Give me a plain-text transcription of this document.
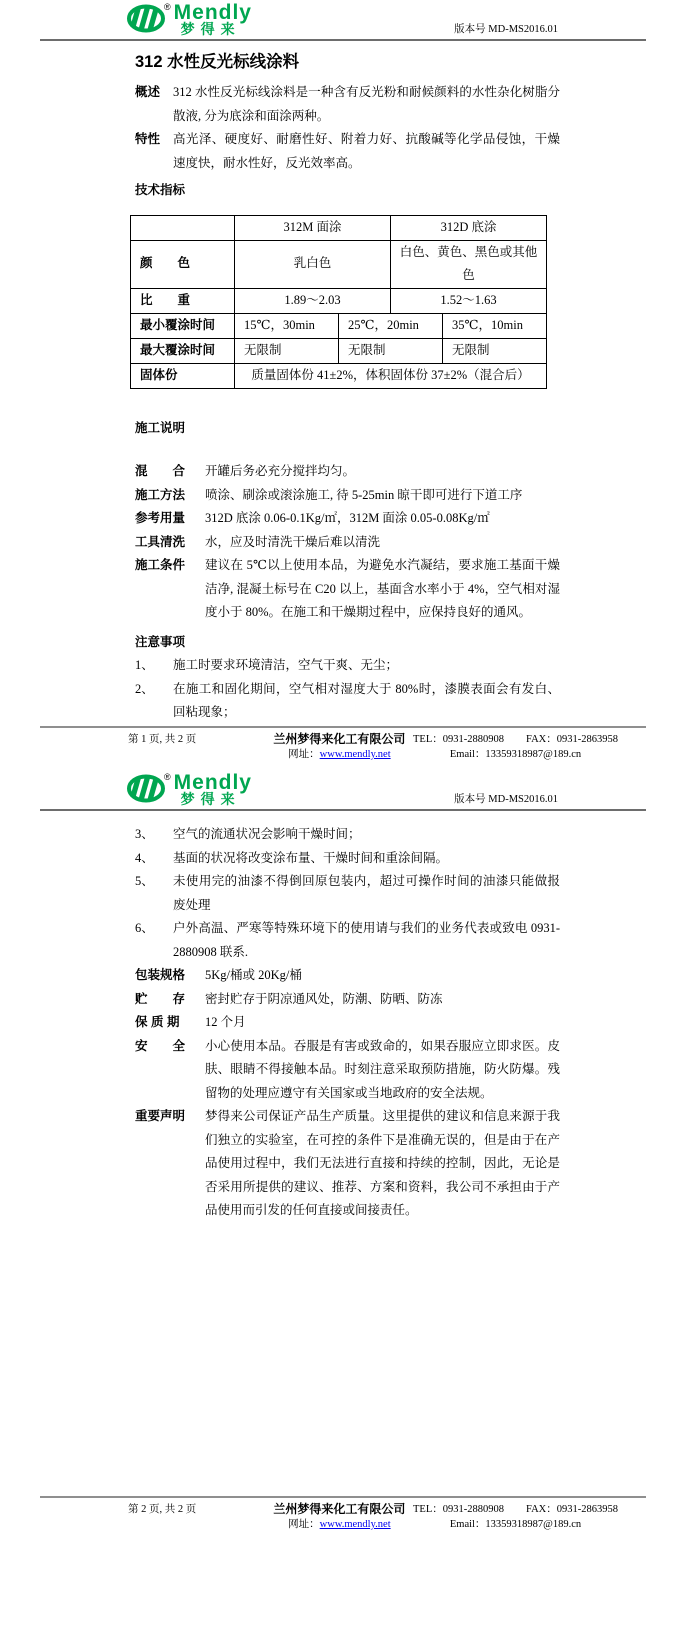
® Mendly
梦得来	版本号 MD-MS2016.01
312 水性反光标线涂料
概述	312 水性反光标线涂料是一种含有反光粉和耐候颜料的水性杂化树脂分散液, 分为底涂和面涂两种。
特性	高光泽、硬度好、耐磨性好、附着力好、抗酸碱等化学品侵蚀，干燥速度快，耐水性好，反光效率高。
技术指标
	312M 面涂		312D 底涂	
颜　　色	乳白色		白色、黄色、黑色或其他色	
比　　重	1.89～2.03		1.52～1.63	
最小覆涂时间	15℃，30min	25℃，20min		35℃，10min
最大覆涂时间	无限制	无限制		无限制
固体份	质量固体份 41±2%，体积固体份 37±2%（混合后）			
施工说明
混　　合	开罐后务必充分搅拌均匀。
施工方法	喷涂、刷涂或滚涂施工, 待 5-25min 晾干即可进行下道工序
参考用量	312D 底涂 0.06-0.1Kg/㎡，312M 面涂 0.05-0.08Kg/㎡
工具清洗	水，应及时清洗干燥后难以清洗
施工条件	建议在 5℃以上使用本品，为避免水汽凝结，要求施工基面干燥洁净, 混凝土标号在 C20 以上，基面含水率小于 4%，空气相对湿度小于 80%。在施工和干燥期过程中，应保持良好的通风。
注意事项
1、	施工时要求环境清洁，空气干爽、无尘；
2、	在施工和固化期间，空气相对湿度大于 80%时，漆膜表面会有发白、回粘现象；
第 1 页, 共 2 页	兰州梦得来化工有限公司
网址：www.mendly.net
TEL：0931-2880908 FAX：0931-2863958
Email：13359318987@189.cn
® Mendly
梦得来	版本号 MD-MS2016.01
3、	空气的流通状况会影响干燥时间；
4、	基面的状况将改变涂布量、干燥时间和重涂间隔。
5、	未使用完的油漆不得倒回原包装内，超过可操作时间的油漆只能做报废处理
6、	户外高温、严寒等特殊环境下的使用请与我们的业务代表或致电 0931-2880908 联系.
包装规格	5Kg/桶或 20Kg/桶
贮　　存	密封贮存于阴凉通风处，防潮、防晒、防冻
保 质 期	12 个月
安　　全	小心使用本品。吞服是有害或致命的，如果吞服应立即求医。皮肤、眼睛不得接触本品。时刻注意采取预防措施，防火防爆。残留物的处理应遵守有关国家或当地政府的安全法规。
重要声明	梦得来公司保证产品生产质量。这里提供的建议和信息来源于我们独立的实验室，在可控的条件下是准确无误的，但是由于在产品使用过程中，我们无法进行直接和持续的控制，因此，无论是否采用所提供的建议、推荐、方案和资料，我公司不承担由于产品使用而引发的任何直接或间接责任。
第 2 页, 共 2 页	兰州梦得来化工有限公司
网址：www.mendly.net
TEL：0931-2880908 FAX：0931-2863958
Email：13359318987@189.cn
